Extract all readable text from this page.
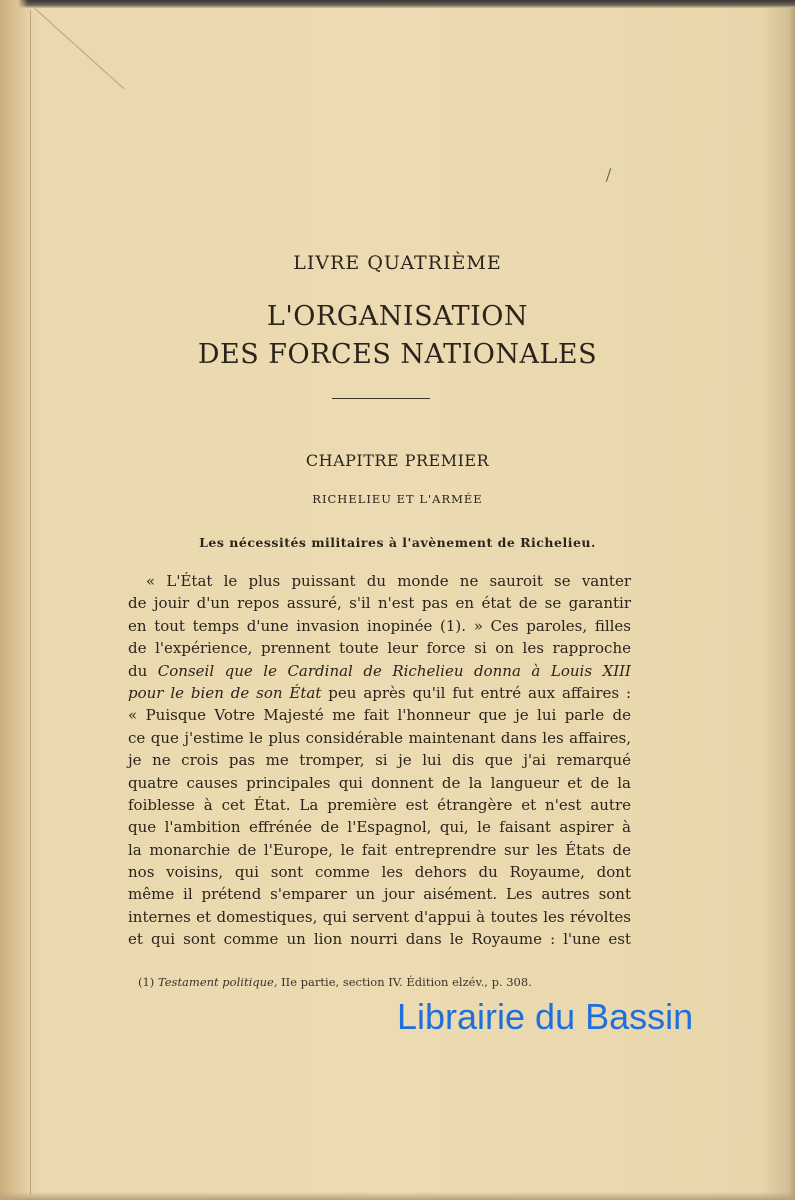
LIVRE QUATRIÈME
L'ORGANISATION
DES FORCES NATIONALES
CHAPITRE PREMIER
RICHELIEU ET L'ARMÉE
Les nécessités militaires à l'avènement de Richelieu.
« L'État le plus puissant du monde ne sauroit se vanter
de jouir d'un repos assuré, s'il n'est pas en état de se garantir
en tout temps d'une invasion inopinée (1). » Ces paroles, filles
de l'expérience, prennent toute leur force si on les rapproche
du Conseil que le Cardinal de Richelieu donna à Louis XIII
pour le bien de son État peu après qu'il fut entré aux affaires :
« Puisque Votre Majesté me fait l'honneur que je lui parle de
ce que j'estime le plus considérable maintenant dans les affaires,
je ne crois pas me tromper, si je lui dis que j'ai remarqué
quatre causes principales qui donnent de la langueur et de la
foiblesse à cet État. La première est étrangère et n'est autre
que l'ambition effrénée de l'Espagnol, qui, le faisant aspirer à
la monarchie de l'Europe, le fait entreprendre sur les États de
nos voisins, qui sont comme les dehors du Royaume, dont
même il prétend s'emparer un jour aisément. Les autres sont
internes et domestiques, qui servent d'appui à toutes les révoltes
et qui sont comme un lion nourri dans le Royaume : l'une est
(1) Testament politique, IIe partie, section IV. Édition elzév., p. 308.
Librairie du Bassin
